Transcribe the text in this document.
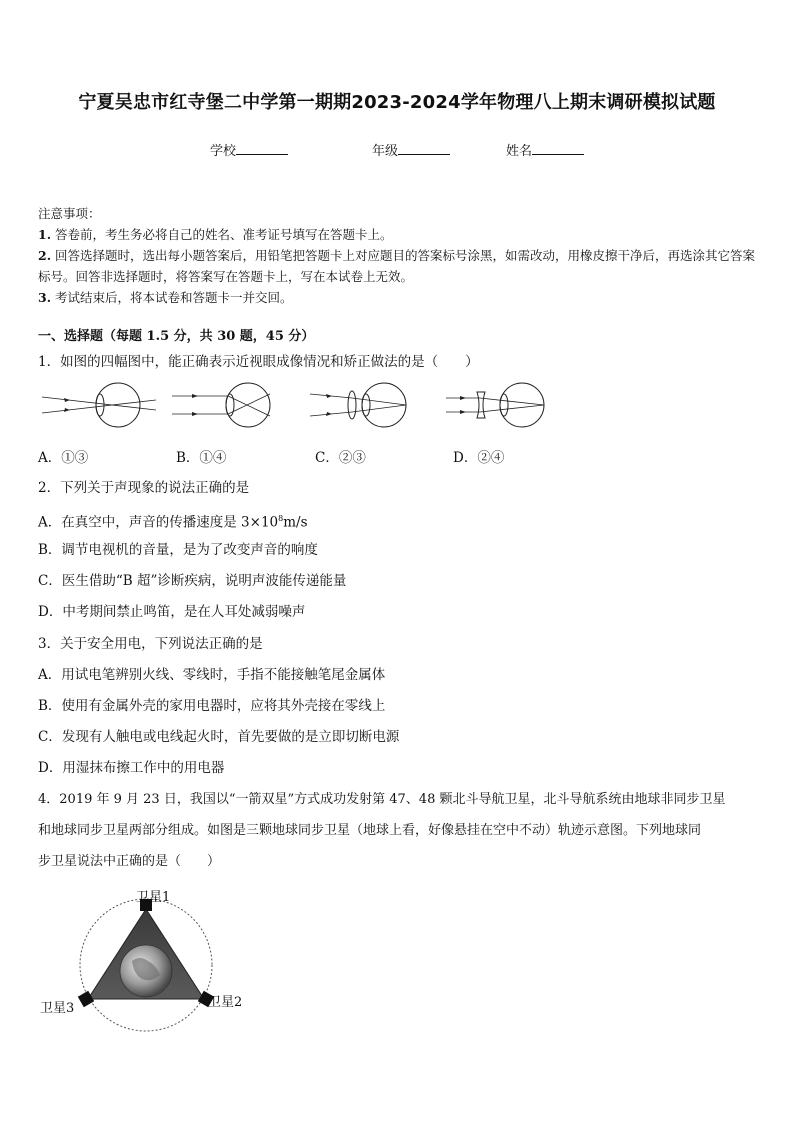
宁夏吴忠市红寺堡二中学第一期期2023-2024学年物理八上期末调研模拟试题
学校	年级	姓名
注意事项：
1. 答卷前，考生务必将自己的姓名、准考证号填写在答题卡上。
2. 回答选择题时，选出每小题答案后，用铅笔把答题卡上对应题目的答案标号涂黑，如需改动，用橡皮擦干净后，再选涂其它答案标号。回答非选择题时，将答案写在答题卡上，写在本试卷上无效。
3. 考试结束后，将本试卷和答题卡一并交回。
一、选择题（每题 1.5 分，共 30 题，45 分）
1．如图的四幅图中，能正确表示近视眼成像情况和矫正做法的是（　　）
A．①③	B．①④	C．②③	D．②④
2．下列关于声现象的说法正确的是
A．在真空中，声音的传播速度是 $3\times 10^8m/s$
B．调节电视机的音量，是为了改变声音的响度
C．医生借助“B 超”诊断疾病，说明声波能传递能量
D．中考期间禁止鸣笛，是在人耳处减弱噪声
3．关于安全用电，下列说法正确的是
A．用试电笔辨别火线、零线时，手指不能接触笔尾金属体
B．使用有金属外壳的家用电器时，应将其外壳接在零线上
C．发现有人触电或电线起火时，首先要做的是立即切断电源
D．用湿抹布擦工作中的用电器
4．2019 年 9 月 23 日，我国以“一箭双星”方式成功发射第 47、48 颗北斗导航卫星，北斗导航系统由地球非同步卫星
和地球同步卫星两部分组成。如图是三颗地球同步卫星（地球上看，好像悬挂在空中不动）轨迹示意图。下列地球同
步卫星说法中正确的是（　　）
卫星1
卫星2
卫星3
